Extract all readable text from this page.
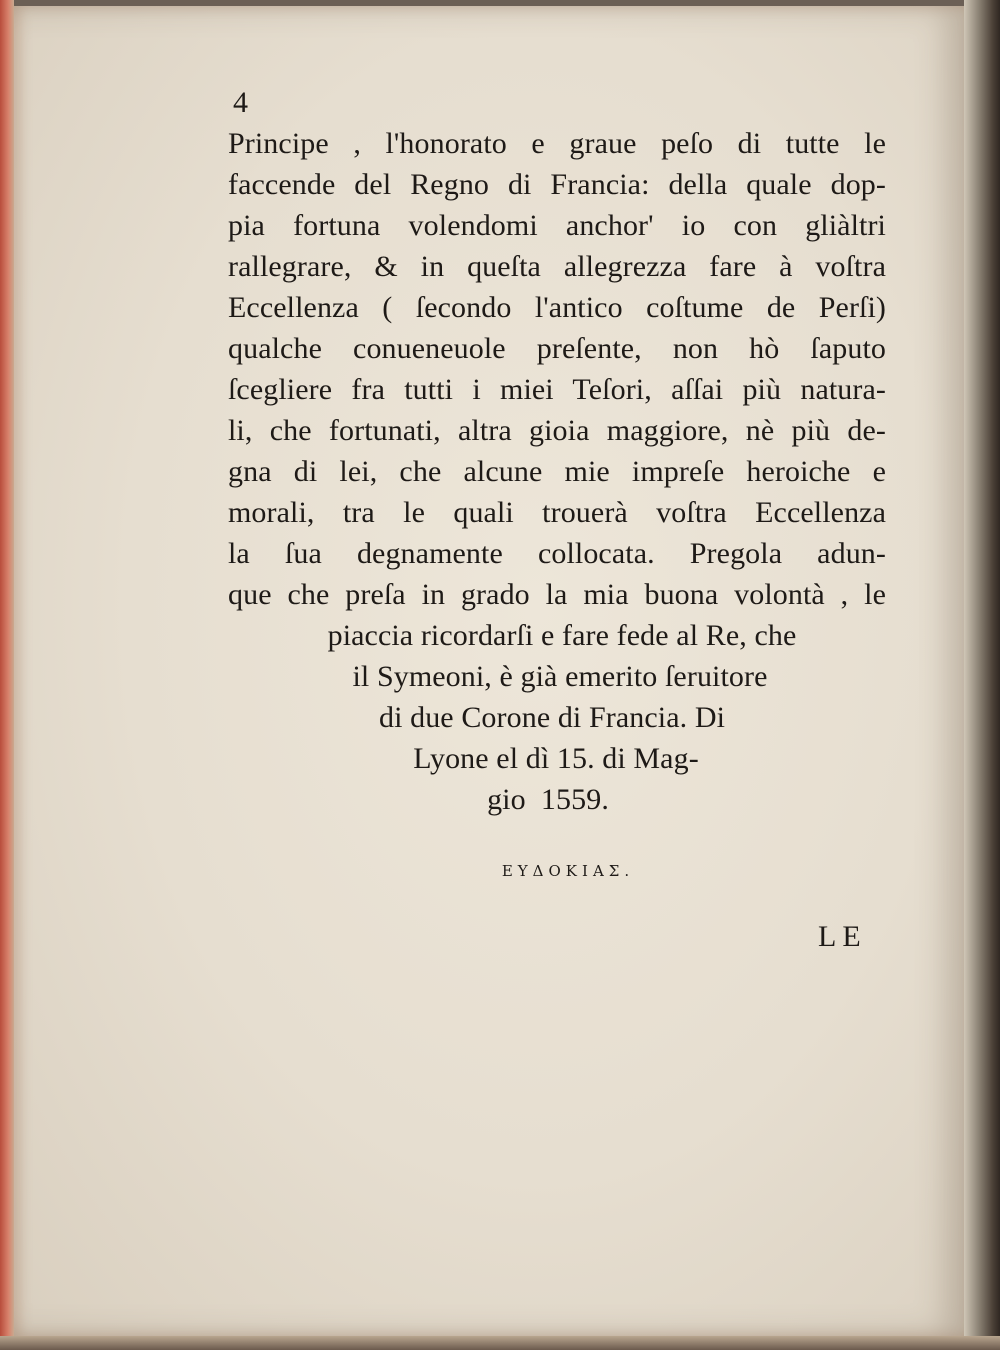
4
Principe , l'honorato e graue peſo di tutte le
faccende del Regno di Francia: della quale dop-
pia fortuna volendomi anchor' io con gliàltri
rallegrare, & in queſta allegrezza fare à voſtra
Eccellenza ( ſecondo l'antico coſtume de Perſi)
qualche conueneuole preſente, non hò ſaputo
ſcegliere fra tutti i miei Teſori, aſſai più natura-
li, che fortunati, altra gioia maggiore, nè più de-
gna di lei, che alcune mie impreſe heroiche e
morali, tra le quali trouerà voſtra Eccellenza
la ſua degnamente collocata. Pregola adun-
que che preſa in grado la mia buona volontà , le
piaccia ricordarſi e fare fede al Re, che
il Symeoni, è già emerito ſeruitore
di due Corone di Francia. Di
Lyone el dì 15. di Mag-
gio  1559.
ΕΥΔΟΚΙΑΣ.
LE
